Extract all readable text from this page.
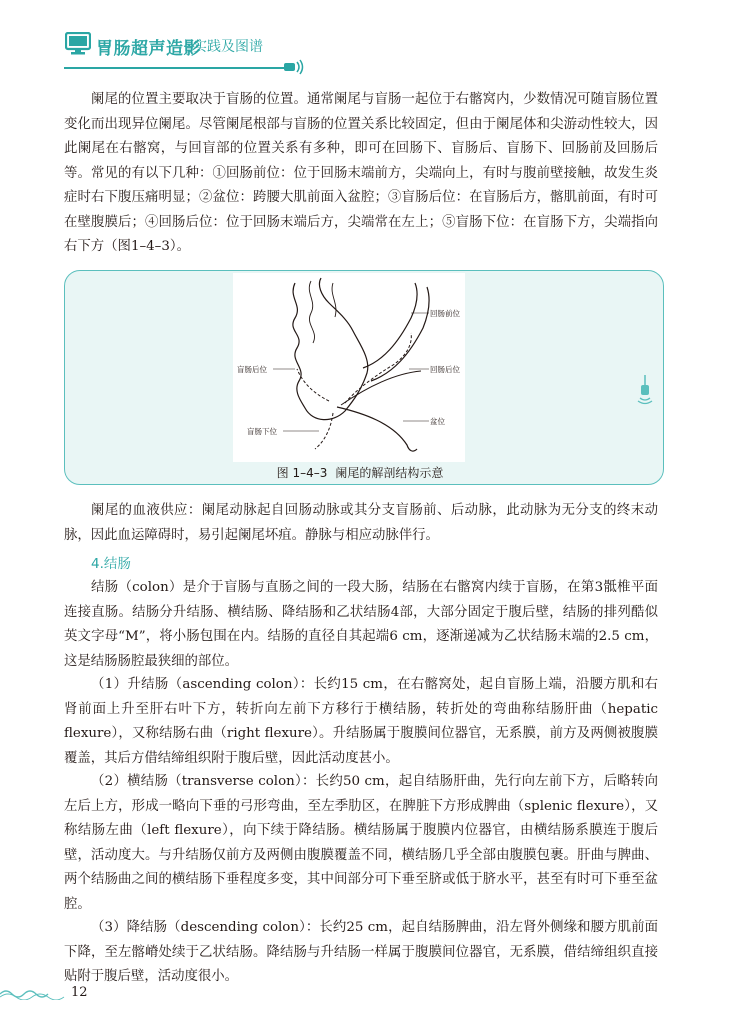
胃肠超声造影
实践及图谱

阑尾的位置主要取决于盲肠的位置。通常阑尾与盲肠一起位于右髂窝内，少数情况可随盲肠位置变化而出现异位阑尾。尽管阑尾根部与盲肠的位置关系比较固定，但由于阑尾体和尖游动性较大，因此阑尾在右髂窝，与回盲部的位置关系有多种，即可在回肠下、盲肠后、盲肠下、回肠前及回肠后等。常见的有以下几种：①回肠前位：位于回肠末端前方，尖端向上，有时与腹前壁接触，故发生炎症时右下腹压痛明显；②盆位：跨腰大肌前面入盆腔；③盲肠后位：在盲肠后方，髂肌前面，有时可在壁腹膜后；④回肠后位：位于回肠末端后方，尖端常在左上；⑤盲肠下位：在盲肠下方，尖端指向右下方（图1–4–3）。

回肠前位
盲肠后位	回肠后位
盲肠下位
盆位
图 1–4–3 阑尾的解剖结构示意

阑尾的血液供应：阑尾动脉起自回肠动脉或其分支盲肠前、后动脉，此动脉为无分支的终末动脉，因此血运障碍时，易引起阑尾坏疽。静脉与相应动脉伴行。

4.结肠

结肠（colon）是介于盲肠与直肠之间的一段大肠，结肠在右髂窝内续于盲肠，在第3骶椎平面连接直肠。结肠分升结肠、横结肠、降结肠和乙状结肠4部，大部分固定于腹后壁，结肠的排列酷似英文字母“M”，将小肠包围在内。结肠的直径自其起端6 cm，逐渐递减为乙状结肠末端的2.5 cm，这是结肠肠腔最狭细的部位。

（1）升结肠（ascending colon）：长约15 cm，在右髂窝处，起自盲肠上端，沿腰方肌和右肾前面上升至肝右叶下方，转折向左前下方移行于横结肠，转折处的弯曲称结肠肝曲（hepatic flexure），又称结肠右曲（right flexure）。升结肠属于腹膜间位器官，无系膜，前方及两侧被腹膜覆盖，其后方借结缔组织附于腹后壁，因此活动度甚小。

（2）横结肠（transverse colon）：长约50 cm，起自结肠肝曲，先行向左前下方，后略转向左后上方，形成一略向下垂的弓形弯曲，至左季肋区，在脾脏下方形成脾曲（splenic flexure），又称结肠左曲（left flexure），向下续于降结肠。横结肠属于腹膜内位器官，由横结肠系膜连于腹后壁，活动度大。与升结肠仅前方及两侧由腹膜覆盖不同，横结肠几乎全部由腹膜包裹。肝曲与脾曲、两个结肠曲之间的横结肠下垂程度多变，其中间部分可下垂至脐或低于脐水平，甚至有时可下垂至盆腔。

（3）降结肠（descending colon）：长约25 cm，起自结肠脾曲，沿左肾外侧缘和腰方肌前面下降，至左髂嵴处续于乙状结肠。降结肠与升结肠一样属于腹膜间位器官，无系膜，借结缔组织直接贴附于腹后壁，活动度很小。

12
